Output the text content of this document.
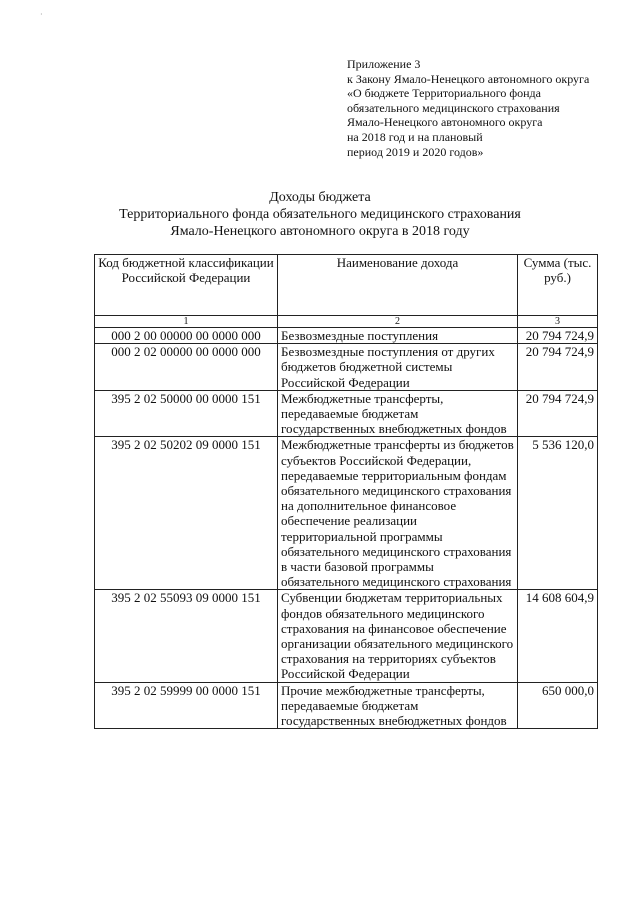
·
Приложение 3
к Закону Ямало-Ненецкого автономного округа
«О бюджете Территориального фонда
обязательного медицинского страхования
Ямало-Ненецкого автономного округа
на 2018 год и на плановый
период 2019 и 2020 годов»
Доходы бюджета
Территориального фонда обязательного медицинского страхования
Ямало-Ненецкого автономного округа в 2018 году
Код бюджетной классификации Российской Федерации	Наименование дохода	Сумма (тыс. руб.)
1	2	3
000 2 00 00000 00 0000 000	Безвозмездные поступления	20 794 724,9
000 2 02 00000 00 0000 000	Безвозмездные поступления от других бюджетов бюджетной системы Российской Федерации	20 794 724,9
395 2 02 50000 00 0000 151	Межбюджетные трансферты, передаваемые бюджетам государственных внебюджетных фондов	20 794 724,9
395 2 02 50202 09 0000 151	Межбюджетные трансферты из бюджетов субъектов Российской Федерации, передаваемые территориальным фондам обязательного медицинского страхования на дополнительное финансовое обеспечение реализации территориальной программы обязательного медицинского страхования в части базовой программы обязательного медицинского страхования	5 536 120,0
395 2 02 55093 09 0000 151	Субвенции бюджетам территориальных фондов обязательного медицинского страхования на финансовое обеспечение организации обязательного медицинского страхования на территориях субъектов Российской Федерации	14 608 604,9
395 2 02 59999 00 0000 151	Прочие межбюджетные трансферты, передаваемые бюджетам государственных внебюджетных фондов	650 000,0
